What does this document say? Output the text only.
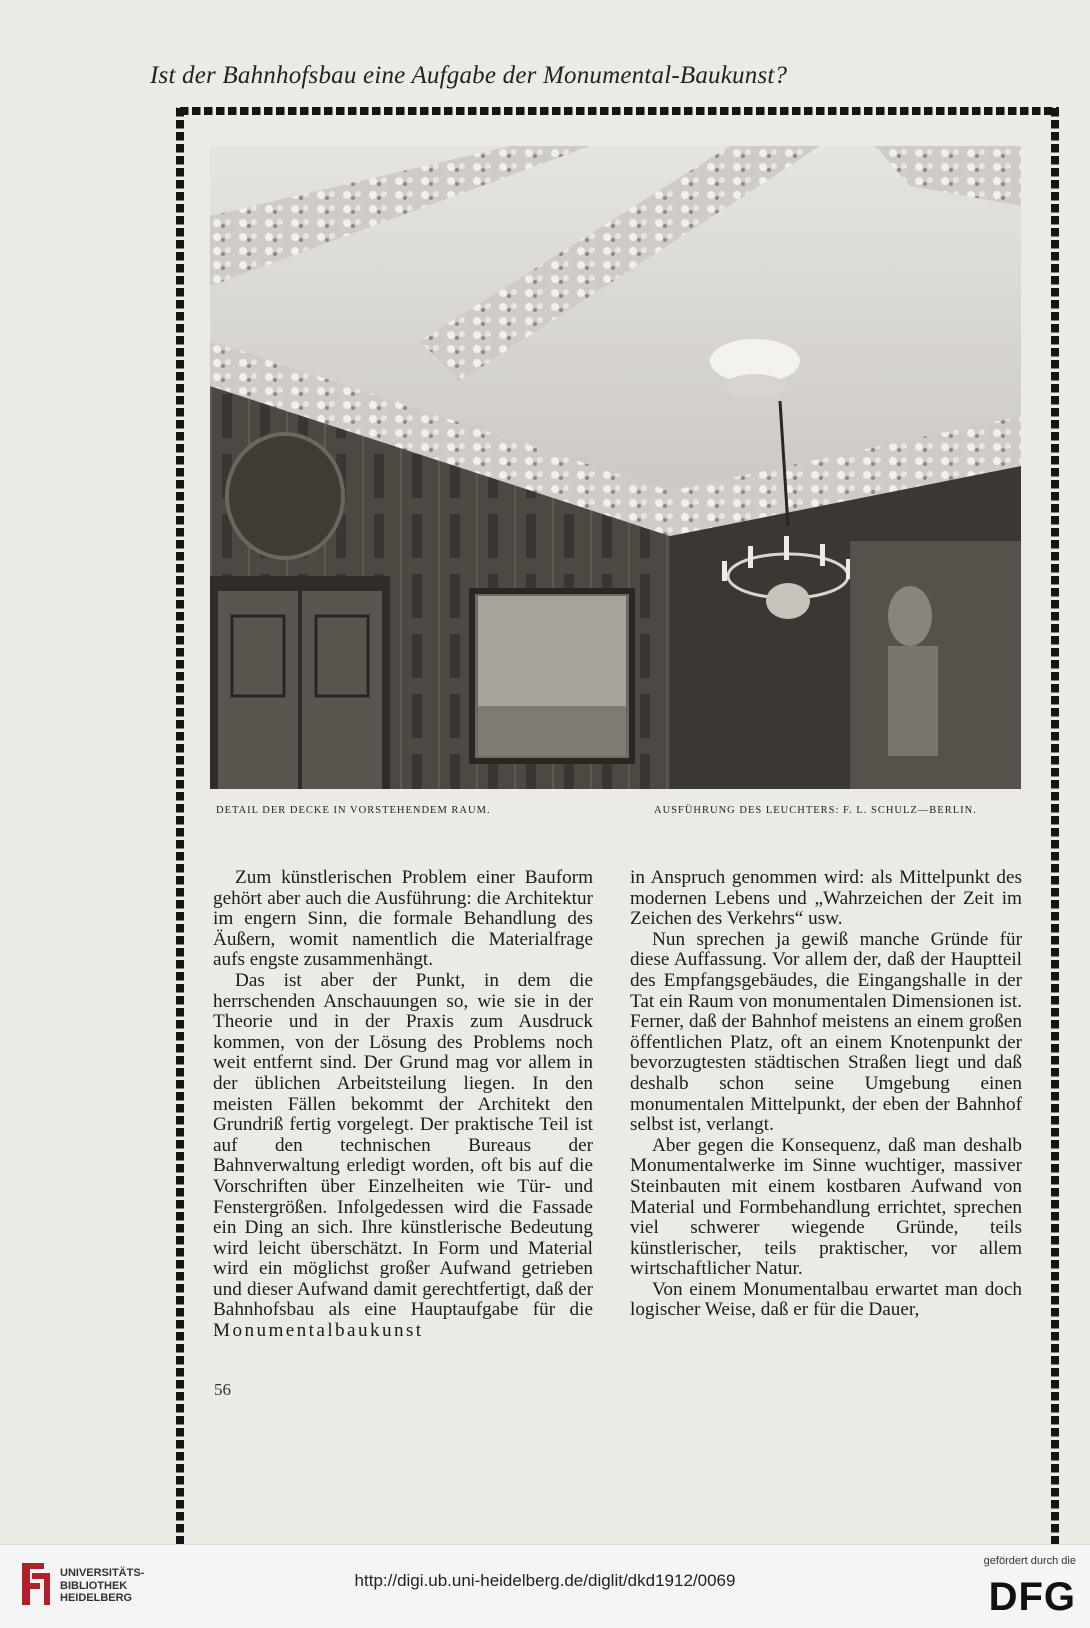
Ist der Bahnhofsbau eine Aufgabe der Monumental-Baukunst?
DETAIL DER DECKE IN VORSTEHENDEM RAUM.	AUSFÜHRUNG DES LEUCHTERS: F. L. SCHULZ—BERLIN.

Zum künstlerischen Problem einer Bauform gehört aber auch die Ausführung: die Architektur im engern Sinn, die formale Behandlung des Äußern, womit namentlich die Materialfrage aufs engste zusammenhängt.

Das ist aber der Punkt, in dem die herrschenden Anschauungen so, wie sie in der Theorie und in der Praxis zum Ausdruck kommen, von der Lösung des Problems noch weit entfernt sind. Der Grund mag vor allem in der üblichen Arbeitsteilung liegen. In den meisten Fällen bekommt der Architekt den Grundriß fertig vorgelegt. Der praktische Teil ist auf den technischen Bureaus der Bahnverwaltung erledigt worden, oft bis auf die Vorschriften über Einzelheiten wie Tür- und Fenstergrößen. Infolgedessen wird die Fassade ein Ding an sich. Ihre künstlerische Bedeutung wird leicht überschätzt. In Form und Material wird ein möglichst großer Aufwand getrieben und dieser Aufwand damit gerechtfertigt, daß der Bahnhofsbau als eine Hauptaufgabe für die Monumentalbaukunst

in Anspruch genommen wird: als Mittelpunkt des modernen Lebens und „Wahrzeichen der Zeit im Zeichen des Verkehrs“ usw.

Nun sprechen ja gewiß manche Gründe für diese Auffassung. Vor allem der, daß der Hauptteil des Empfangsgebäudes, die Eingangshalle in der Tat ein Raum von monumentalen Dimensionen ist. Ferner, daß der Bahnhof meistens an einem großen öffentlichen Platz, oft an einem Knotenpunkt der bevorzugtesten städtischen Straßen liegt und daß deshalb schon seine Umgebung einen monumentalen Mittelpunkt, der eben der Bahnhof selbst ist, verlangt.

Aber gegen die Konsequenz, daß man deshalb Monumentalwerke im Sinne wuchtiger, massiver Steinbauten mit einem kostbaren Aufwand von Material und Formbehandlung errichtet, sprechen viel schwerer wiegende Gründe, teils künstlerischer, teils praktischer, vor allem wirtschaftlicher Natur.

Von einem Monumentalbau erwartet man doch logischer Weise, daß er für die Dauer,

56
UNIVERSITÄTS-
BIBLIOTHEK
HEIDELBERG
http://digi.ub.uni-heidelberg.de/diglit/dkd1912/0069
gefördert durch die
DFG
